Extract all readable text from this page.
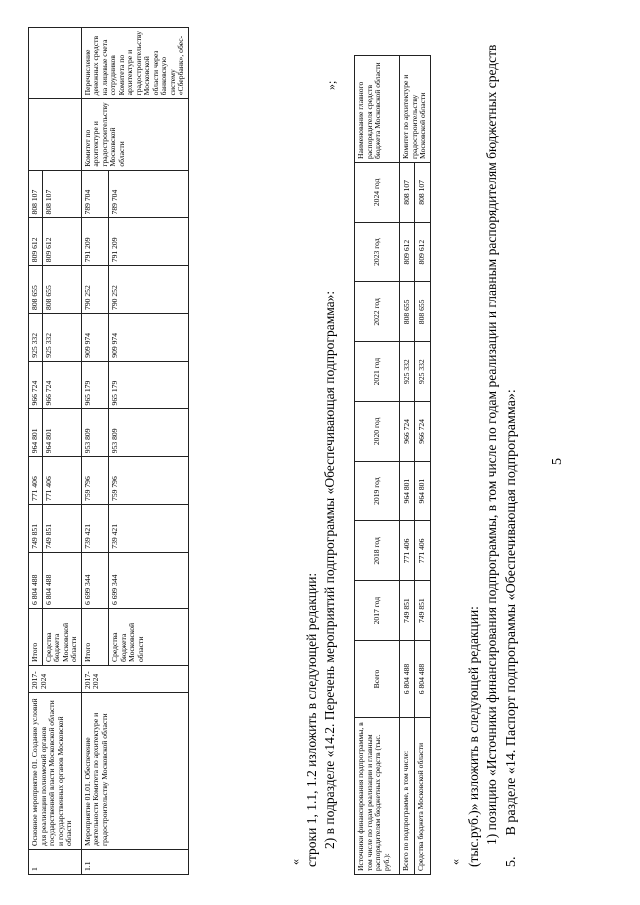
5
5.      В разделе «14. Паспорт подпрограммы «Обеспечивающая подпрограмма»:
1) позицию «Источники финансирования подпрограммы, в том числе по годам реализации и главным распорядителям бюджетных средств
(тыс.руб.)» изложить в следующей редакции:
«
Источники финансирования подпрограммы, в том числе по годам реализации и главным распорядителям бюджетных средств (тыс. руб.):	Всего	2017 год	2018 год	2019 год	2020 год	2021 год	2022 год	2023 год	2024 год	Наименование главного распорядителя средств бюджета Московской области
Всего по подпрограмме, в том числе:	6 804 488	749 851	771 406	964 801	966 724	925 332	808 655	809 612	808 107	Комитет по архитектуре и градостроительству Московской области
Средства бюджета Московской области	6 804 488	749 851	771 406	964 801	966 724	925 332	808 655	809 612	808 107	
»;
2) в подразделе «14.2. Перечень мероприятий подпрограммы «Обеспечивающая подпрограмма»:
строки 1, 1.1, 1.2 изложить в следующей редакции:
«
1	Основное мероприятие 01. Создание условий для реализации полномочий органов государственной власти Московской области и государственных органов Московской области	2017-2024	Итого	6 804 488	749 851	771 406	964 801	966 724	925 332	808 655	809 612	808 107		
			Средства бюджета Московской области	6 804 488	749 851	771 406	964 801	966 724	925 332	808 655	809 612	808 107		
1.1	Мероприятие 01.01. Обеспечение деятельности Комитета по архитектуре и градостроительству Московской области	2017-2024	Итого	6 699 344	739 421	759 796	953 809	965 179	909 974	790 252	791 209	789 704	Комитет по архитектуре и градостроительству Московской области	Перечисление денежных средств на лицевые счета сотрудников Комитета по архитектуре и градостроительству Московской области через банковскую систему «Сбербанк», обес-
			Средства бюджета Московской области	6 699 344	739 421	759 796	953 809	965 179	909 974	790 252	791 209	789 704		
